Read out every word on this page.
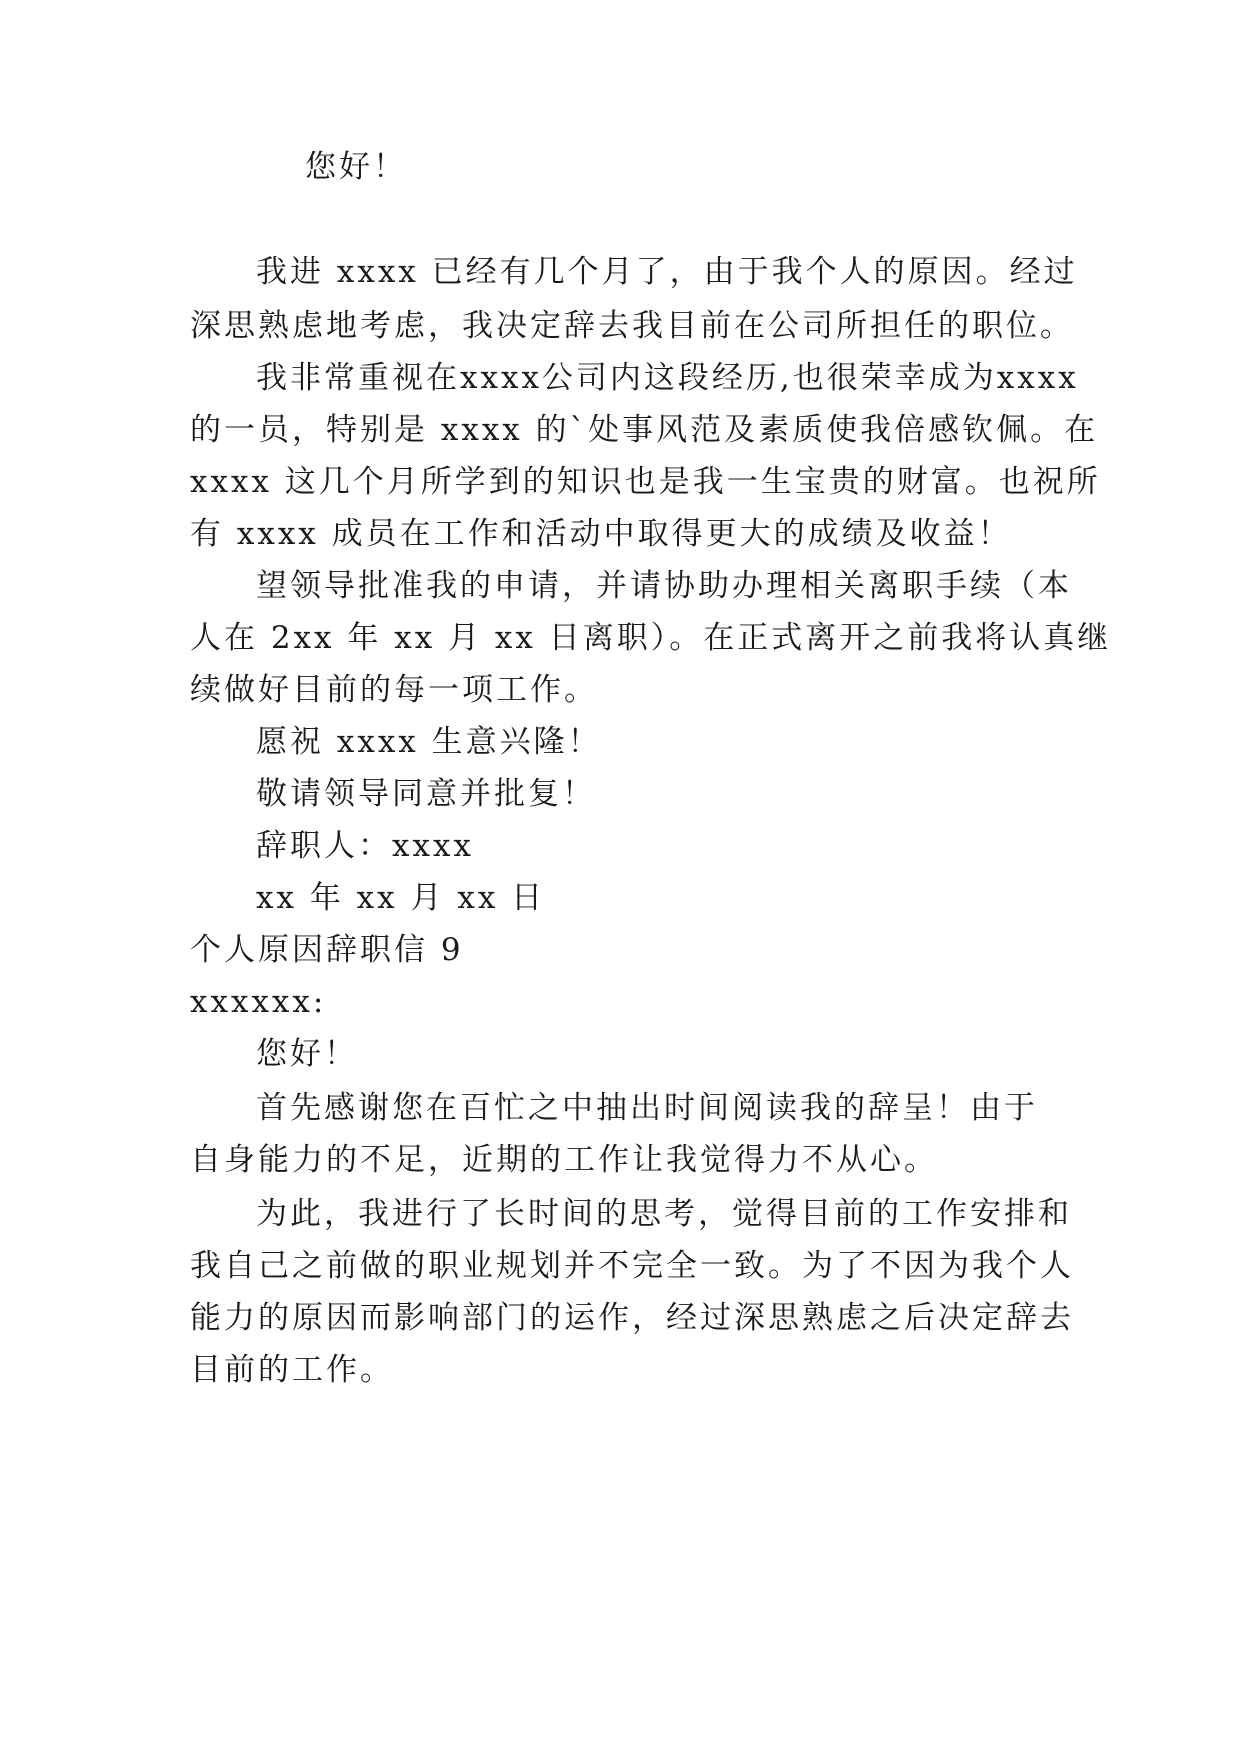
您好！
我进 xxxx 已经有几个月了，由于我个人的原因。经过
深思熟虑地考虑，我决定辞去我目前在公司所担任的职位。
我非常重视在xxxx公司内这段经历,也很荣幸成为xxxx
的一员，特别是 xxxx 的`处事风范及素质使我倍感钦佩。在
xxxx 这几个月所学到的知识也是我一生宝贵的财富。也祝所
有 xxxx 成员在工作和活动中取得更大的成绩及收益！
望领导批准我的申请，并请协助办理相关离职手续（本
人在 2xx 年 xx 月 xx 日离职）。在正式离开之前我将认真继
续做好目前的每一项工作。
愿祝 xxxx 生意兴隆！
敬请领导同意并批复！
辞职人：xxxx
xx 年 xx 月 xx 日
个人原因辞职信 9
xxxxxx:
您好！
首先感谢您在百忙之中抽出时间阅读我的辞呈！由于
自身能力的不足，近期的工作让我觉得力不从心。
为此，我进行了长时间的思考，觉得目前的工作安排和
我自己之前做的职业规划并不完全一致。为了不因为我个人
能力的原因而影响部门的运作，经过深思熟虑之后决定辞去
目前的工作。
